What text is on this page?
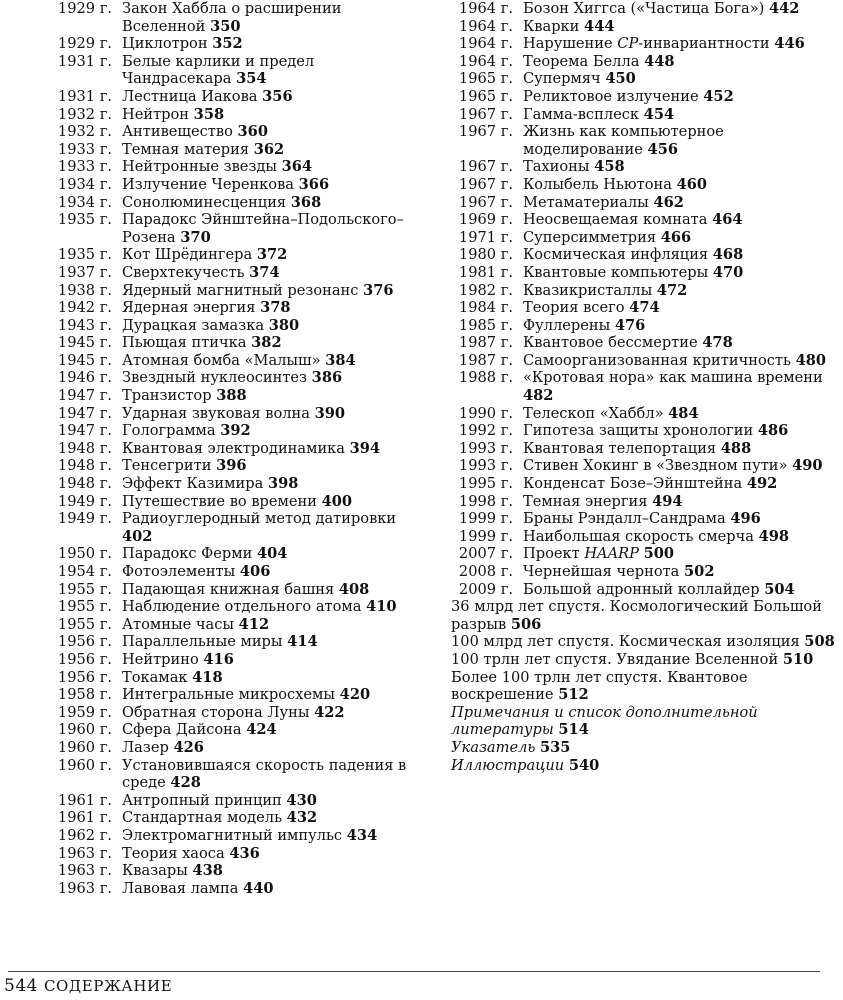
1929 г. Закон Хаббла о расширении Вселенной 350
1929 г. Циклотрон 352
1931 г. Белые карлики и предел Чандрасекара 354
1931 г. Лестница Иакова 356
1932 г. Нейтрон 358
1932 г. Антивещество 360
1933 г. Темная материя 362
1933 г. Нейтронные звезды 364
1934 г. Излучение Черенкова 366
1934 г. Сонолюминесценция 368
1935 г. Парадокс Эйнштейна–Подольского–Розена 370
1935 г. Кот Шрёдингера 372
1937 г. Сверхтекучесть 374
1938 г. Ядерный магнитный резонанс 376
1942 г. Ядерная энергия 378
1943 г. Дурацкая замазка 380
1945 г. Пьющая птичка 382
1945 г. Атомная бомба «Малыш» 384
1946 г. Звездный нуклеосинтез 386
1947 г. Транзистор 388
1947 г. Ударная звуковая волна 390
1947 г. Голограмма 392
1948 г. Квантовая электродинамика 394
1948 г. Тенсегрити 396
1948 г. Эффект Казимира 398
1949 г. Путешествие во времени 400
1949 г. Радиоуглеродный метод датировки 402
1950 г. Парадокс Ферми 404
1954 г. Фотоэлементы 406
1955 г. Падающая книжная башня 408
1955 г. Наблюдение отдельного атома 410
1955 г. Атомные часы 412
1956 г. Параллельные миры 414
1956 г. Нейтрино 416
1956 г. Токамак 418
1958 г. Интегральные микросхемы 420
1959 г. Обратная сторона Луны 422
1960 г. Сфера Дайсона 424
1960 г. Лазер 426
1960 г. Установившаяся скорость падения в среде 428
1961 г. Антропный принцип 430
1961 г. Стандартная модель 432
1962 г. Электромагнитный импульс 434
1963 г. Теория хаоса 436
1963 г. Квазары 438
1963 г. Лавовая лампа 440
1964 г. Бозон Хиггса («Частица Бога») 442
1964 г. Кварки 444
1964 г. Нарушение CP-инвариантности 446
1964 г. Теорема Белла 448
1965 г. Супермяч 450
1965 г. Реликтовое излучение 452
1967 г. Гамма-всплеск 454
1967 г. Жизнь как компьютерное моделирование 456
1967 г. Тахионы 458
1967 г. Колыбель Ньютона 460
1967 г. Метаматериалы 462
1969 г. Неосвещаемая комната 464
1971 г. Суперсимметрия 466
1980 г. Космическая инфляция 468
1981 г. Квантовые компьютеры 470
1982 г. Квазикристаллы 472
1984 г. Теория всего 474
1985 г. Фуллерены 476
1987 г. Квантовое бессмертие 478
1987 г. Самоорганизованная критичность 480
1988 г. «Кротовая нора» как машина времени 482
1990 г. Телескоп «Хаббл» 484
1992 г. Гипотеза защиты хронологии 486
1993 г. Квантовая телепортация 488
1993 г. Стивен Хокинг в «Звездном пути» 490
1995 г. Конденсат Бозе–Эйнштейна 492
1998 г. Темная энергия 494
1999 г. Браны Рэндалл–Сандрама 496
1999 г. Наибольшая скорость смерча 498
2007 г. Проект HAARP 500
2008 г. Чернейшая чернота 502
2009 г. Большой адронный коллайдер 504
36 млрд лет спустя. Космологический Большой разрыв 506
100 млрд лет спустя. Космическая изоляция 508
100 трлн лет спустя. Увядание Вселенной 510
Более 100 трлн лет спустя. Квантовое воскрешение 512
Примечания и список дополнительной литературы 514
Указатель 535
Иллюстрации 540
544 СОДЕРЖАНИЕ
